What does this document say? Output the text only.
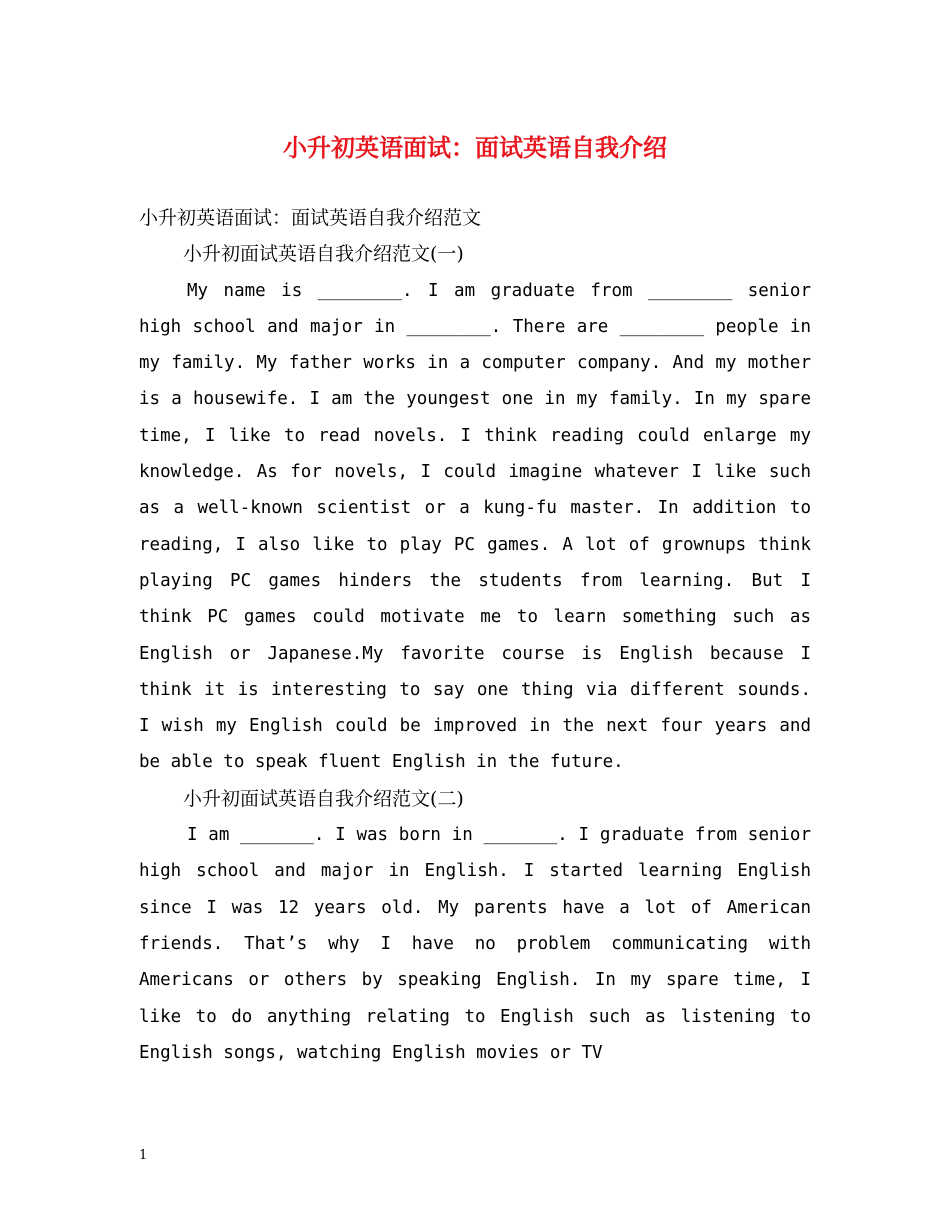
小升初英语面试：面试英语自我介绍
小升初英语面试：面试英语自我介绍范文
小升初面试英语自我介绍范文(一)

My name is ________. I am graduate from ________ senior high school and major in ________. There are ________ people in my family. My father works in a computer company. And my mother is a housewife. I am the youngest one in my family. In my spare time, I like to read novels. I think reading could enlarge my knowledge. As for novels, I could imagine whatever I like such as a well-known scientist or a kung-fu master. In addition to reading, I also like to play PC games. A lot of grownups think playing PC games hinders the students from learning. But I think PC games could motivate me to learn something such as English or Japanese.My favorite course is English because I think it is interesting to say one thing via different sounds. I wish my English could be improved in the next four years and be able to speak fluent English in the future.

小升初面试英语自我介绍范文(二)

I am _______. I was born in _______. I graduate from senior high school and major in English. I started learning English since I was 12 years old. My parents have a lot of American friends. That’s why I have no problem communicating with Americans or others by speaking English. In my spare time, I like to do anything relating to English such as listening to English songs, watching English movies or TV

1
